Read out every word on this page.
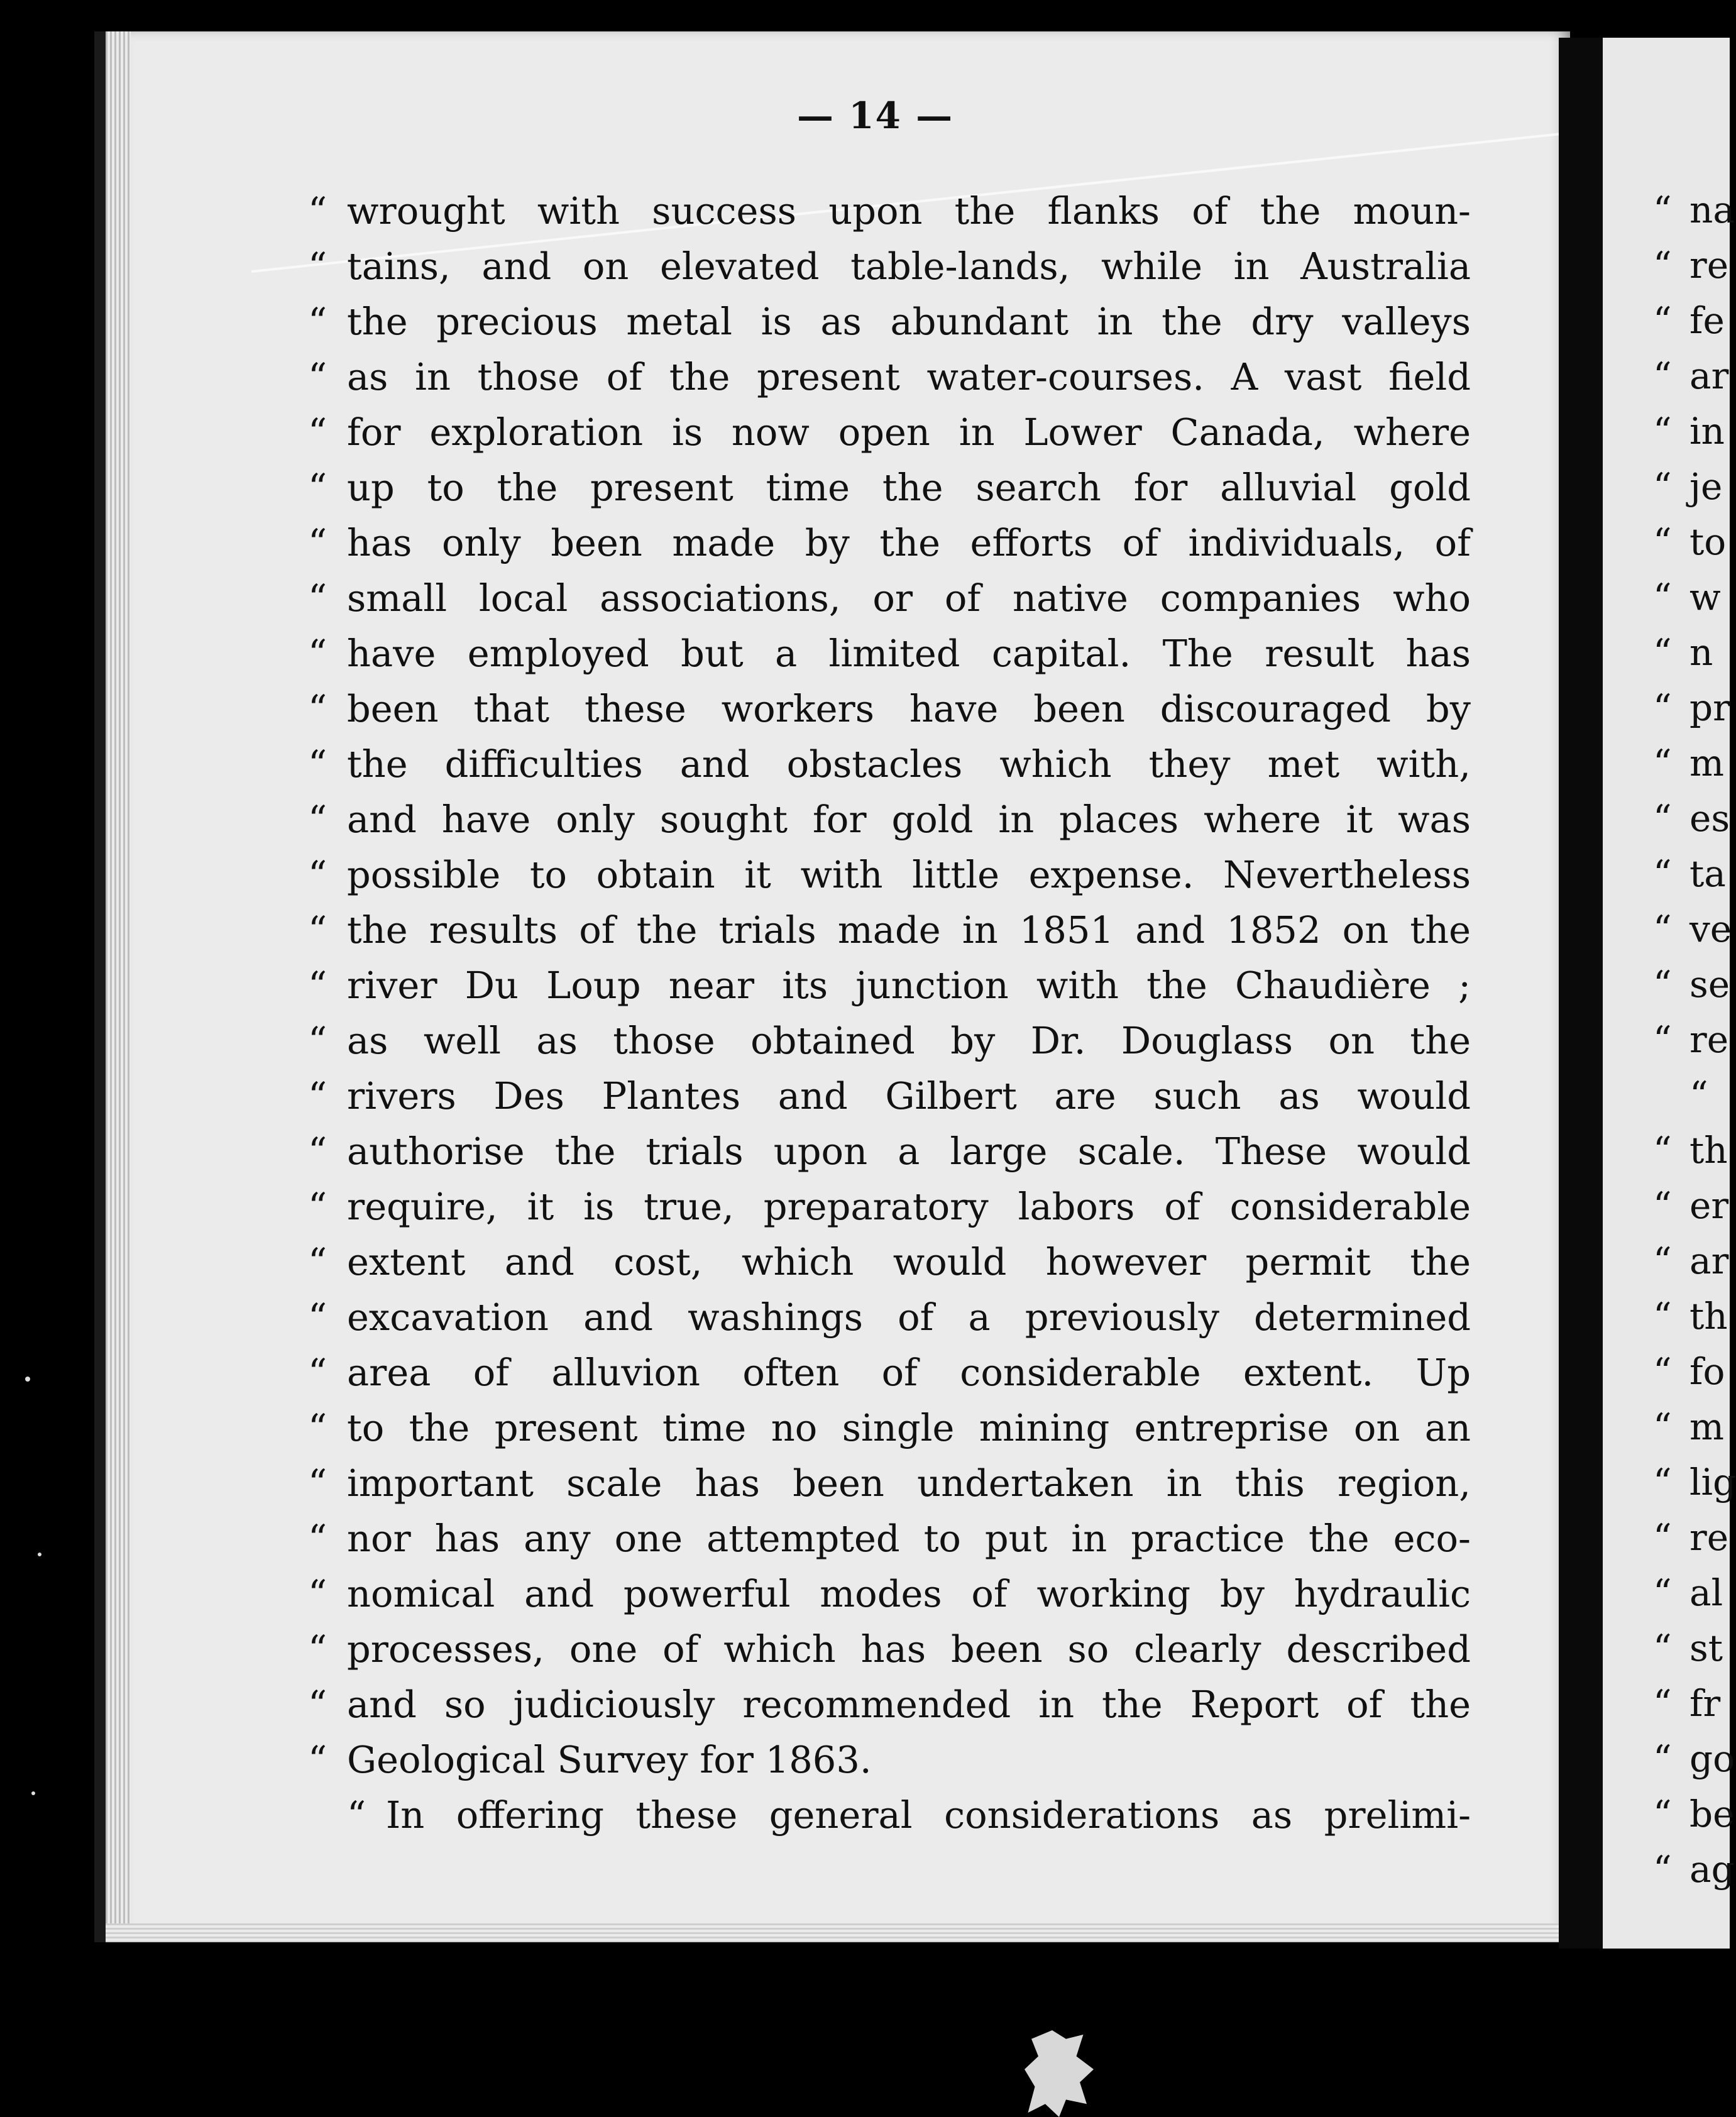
— 14 —
“ wrought with success upon the flanks of the moun-
“ tains, and on elevated table-lands, while in Australia
“ the precious metal is as abundant in the dry valleys
“ as in those of the present water-courses. A vast field
“ for exploration is now open in Lower Canada, where
“ up to the present time the search for alluvial gold
“ has only been made by the efforts of individuals, of
“ small local associations, or of native companies who
“ have employed but a limited capital. The result has
“ been that these workers have been discouraged by
“ the difficulties and obstacles which they met with,
“ and have only sought for gold in places where it was
“ possible to obtain it with little expense. Nevertheless
“ the results of the trials made in 1851 and 1852 on the
“ river Du Loup near its junction with the Chaudière ;
“ as well as those obtained by Dr. Douglass on the
“ rivers Des Plantes and Gilbert are such as would
“ authorise the trials upon a large scale. These would
“ require, it is true, preparatory labors of considerable
“ extent and cost, which would however permit the
“ excavation and washings of a previously determined
“ area of alluvion often of considerable extent. Up
“ to the present time no single mining entreprise on an
“ important scale has been undertaken in this region,
“ nor has any one attempted to put in practice the eco-
“ nomical and powerful modes of working by hydraulic
“ processes, one of which has been so clearly described
“ and so judiciously recommended in the Report of the
“ Geological Survey for 1863.
“ In offering these general considerations as prelimi-
“ na
“ re
“ fe
“ ar
“ in
“ je
“ to
“ w
“ n
“ pr
“ m
“ es
“ ta
“ ve
“ se
“ re
“
“ th
“ er
“ ar
“ th
“ fo
“ m
“ lig
“ re
“ al
“ st
“ fr
“ go
“ be
“ ag
